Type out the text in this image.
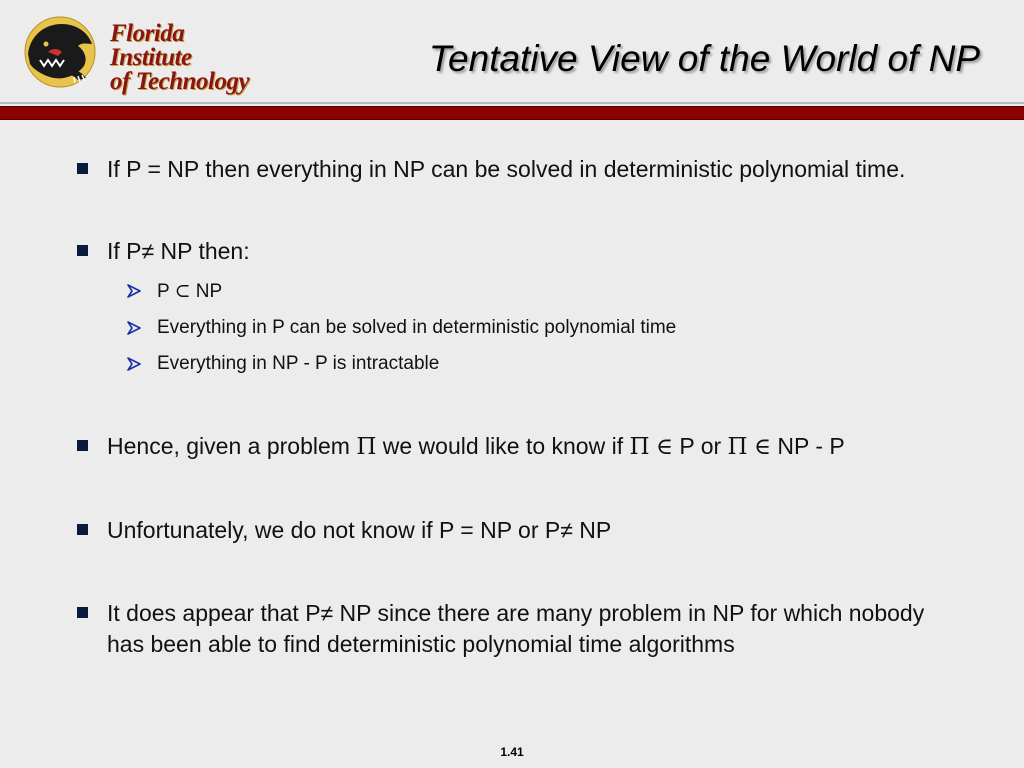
Florida Institute
of Technology
Tentative View of the World of NP
If P = NP then everything in NP can be solved in deterministic polynomial time.
If P≠ NP then:
P ⊂ NP
Everything in P can be solved in deterministic polynomial time
Everything in NP - P is intractable
Hence, given a problem Π we would like to know if Π ∈ P or Π ∈ NP - P
Unfortunately, we do not know if P = NP or P≠ NP
It does appear that P≠ NP since there are many problem in NP for which nobody has been able to find deterministic polynomial time algorithms
1.41
